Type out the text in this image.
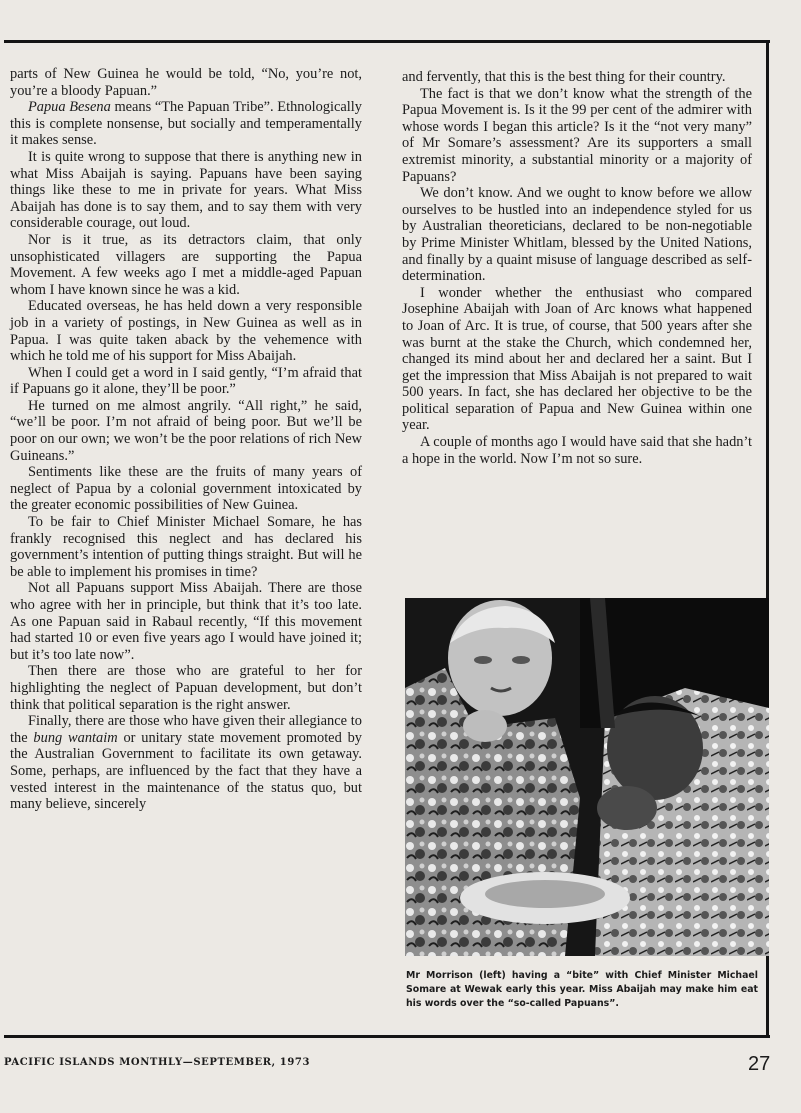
parts of New Guinea he would be told, “No, you’re not, you’re a bloody Papuan.”

Papua Besena means “The Papuan Tribe”. Ethnologically this is complete nonsense, but socially and temperamentally it makes sense.

It is quite wrong to suppose that there is anything new in what Miss Abaijah is saying. Papuans have been saying things like these to me in private for years. What Miss Abaijah has done is to say them, and to say them with very considerable courage, out loud.

Nor is it true, as its detractors claim, that only unsophisticated villagers are supporting the Papua Movement. A few weeks ago I met a middle-aged Papuan whom I have known since he was a kid.

Educated overseas, he has held down a very responsible job in a variety of postings, in New Guinea as well as in Papua. I was quite taken aback by the vehemence with which he told me of his support for Miss Abaijah.

When I could get a word in I said gently, “I’m afraid that if Papuans go it alone, they’ll be poor.”

He turned on me almost angrily. “All right,” he said, “we’ll be poor. I’m not afraid of being poor. But we’ll be poor on our own; we won’t be the poor relations of rich New Guineans.”

Sentiments like these are the fruits of many years of neglect of Papua by a colonial government intoxicated by the greater economic possibilities of New Guinea.

To be fair to Chief Minister Michael Somare, he has frankly recognised this neglect and has declared his government’s intention of putting things straight. But will he be able to implement his promises in time?

Not all Papuans support Miss Abaijah. There are those who agree with her in principle, but think that it’s too late. As one Papuan said in Rabaul recently, “If this movement had started 10 or even five years ago I would have joined it; but it’s too late now”.

Then there are those who are grateful to her for highlighting the neglect of Papuan development, but don’t think that political separation is the right answer.

Finally, there are those who have given their allegiance to the bung wantaim or unitary state movement promoted by the Australian Government to facilitate its own getaway. Some, perhaps, are influenced by the fact that they have a vested interest in the maintenance of the status quo, but many believe, sincerely

and fervently, that this is the best thing for their country.

The fact is that we don’t know what the strength of the Papua Movement is. Is it the 99 per cent of the admirer with whose words I began this article? Is it the “not very many” of Mr Somare’s assessment? Are its supporters a small extremist minority, a substantial minority or a majority of Papuans?

We don’t know. And we ought to know before we allow ourselves to be hustled into an independence styled for us by Australian theoreticians, declared to be non-negotiable by Prime Minister Whitlam, blessed by the United Nations, and finally by a quaint misuse of language described as self-determination.

I wonder whether the enthusiast who compared Josephine Abaijah with Joan of Arc knows what happened to Joan of Arc. It is true, of course, that 500 years after she was burnt at the stake the Church, which condemned her, changed its mind about her and declared her a saint. But I get the impression that Miss Abaijah is not prepared to wait 500 years. In fact, she has declared her objective to be the political separation of Papua and New Guinea within one year.

A couple of months ago I would have said that she hadn’t a hope in the world. Now I’m not so sure.

Mr Morrison (left) having a “bite” with Chief Minister Michael Somare at Wewak early this year. Miss Abaijah may make him eat his words over the “so-called Papuans”.
PACIFIC ISLANDS MONTHLY—SEPTEMBER, 1973	27
